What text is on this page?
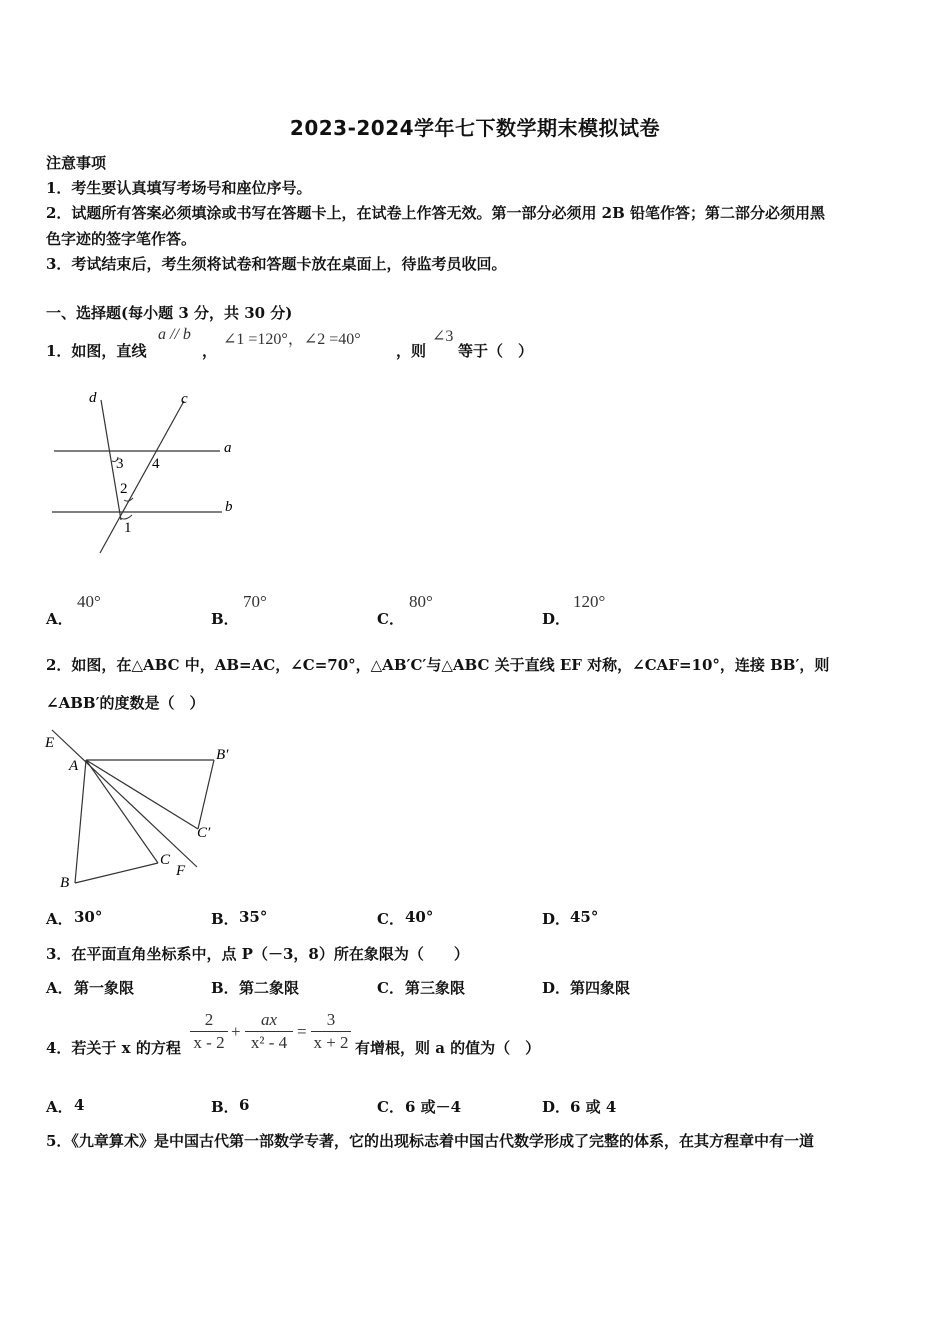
2023-2024学年七下数学期末模拟试卷
注意事项
1．考生要认真填写考场号和座位序号。
2．试题所有答案必须填涂或书写在答题卡上，在试卷上作答无效。第一部分必须用 2B 铅笔作答；第二部分必须用黑
色字迹的签字笔作答。
3．考试结束后，考生须将试卷和答题卡放在桌面上，待监考员收回。
一、选择题(每小题 3 分，共 30 分)
1．如图，直线
a // b
，
∠1 =120°，∠2 =40°
，则
∠3
等于（　）
d	c
a
b
3 4
2
1
A．
40°
B．
70°
C．
80°
D．
120°
2．如图，在△ABC 中，AB=AC，∠C=70°，△AB′C′与△ABC 关于直线 EF 对称，∠CAF=10°，连接 BB′，则
∠ABB′的度数是（　）
E
A
B′
C′
C
F
B
A． 30°	B． 35°	C． 40°	D． 45°
3．在平面直角坐标系中，点 P（－3，8）所在象限为（　　）
A． 第一象限	B． 第二象限	C． 第三象限	D． 第四象限
4．若关于 x 的方程
2
x - 2
+
ax
x² - 4
=
3
x + 2 有增根，则 a 的值为（　）
A． 4	B． 6	C． 6 或－4	D． 6 或 4
5．《九章算术》是中国古代第一部数学专著，它的出现标志着中国古代数学形成了完整的体系，在其方程章中有一道
